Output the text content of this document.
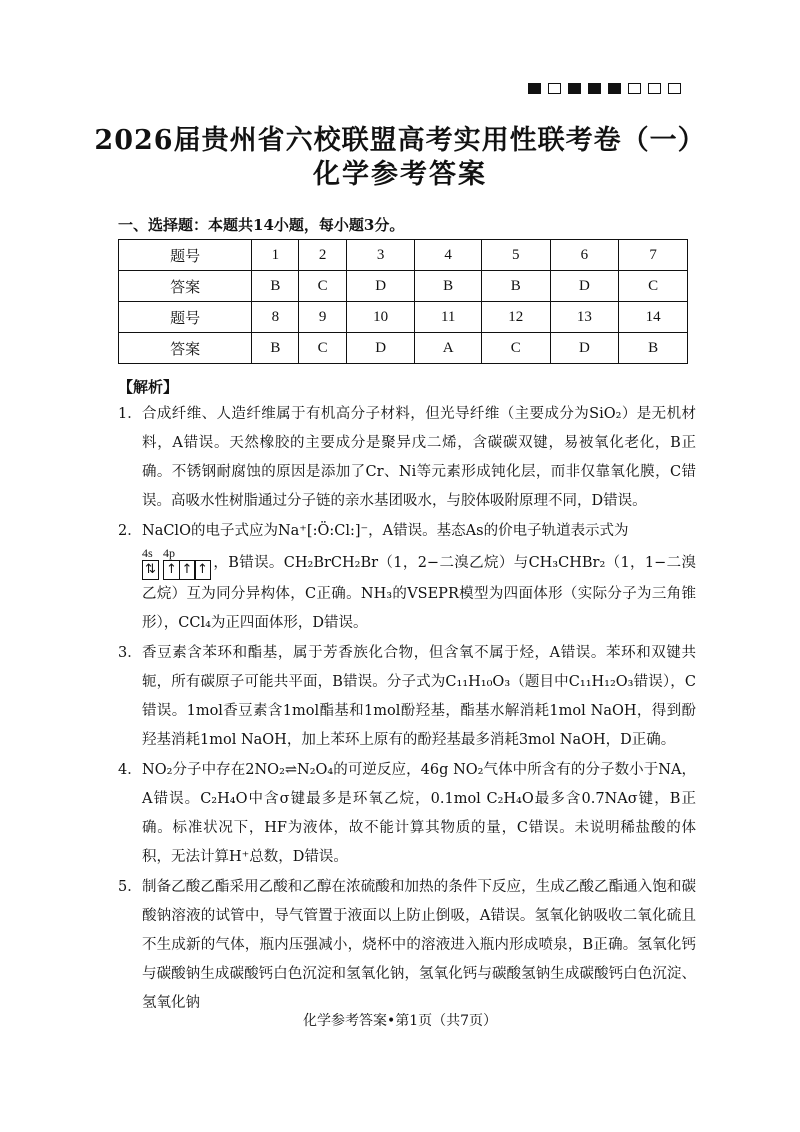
2026届贵州省六校联盟高考实用性联考卷（一）
化学参考答案
一、选择题：本题共14小题，每小题3分。
题号	1	2	3	4	5	6	7
答案	B	C	D	B	B	D	C
题号	8	9	10	11	12	13	14
答案	B	C	D	A	C	D	B
【解析】
1． 合成纤维、人造纤维属于有机高分子材料，但光导纤维（主要成分为SiO₂）是无机材料，A错误。天然橡胶的主要成分是聚异戊二烯，含碳碳双键，易被氧化老化，B正确。不锈钢耐腐蚀的原因是添加了Cr、Ni等元素形成钝化层，而非仅靠氧化膜，C错误。高吸水性树脂通过分子链的亲水基团吸水，与胶体吸附原理不同，D错误。
2． NaClO的电子式应为Na⁺[:Ö:Cl:]⁻，A错误。基态As的价电子轨道表示式为

4s
⇅
4p
↑ ↑ ↑ ，B错误。CH₂BrCH₂Br（1，2−二溴乙烷）与CH₃CHBr₂（1，1−二溴乙烷）互为同分异构体，C正确。NH₃的VSEPR模型为四面体形（实际分子为三角锥形），CCl₄为正四面体形，D错误。
3． 香豆素含苯环和酯基，属于芳香族化合物，但含氧不属于烃，A错误。苯环和双键共轭，所有碳原子可能共平面，B错误。分子式为C₁₁H₁₀O₃（题目中C₁₁H₁₂O₃错误），C错误。1mol香豆素含1mol酯基和1mol酚羟基，酯基水解消耗1mol NaOH，得到酚羟基消耗1mol NaOH，加上苯环上原有的酚羟基最多消耗3mol NaOH，D正确。
4． NO₂分子中存在2NO₂⇌N₂O₄的可逆反应，46g NO₂气体中所含有的分子数小于NA，A错误。C₂H₄O中含σ键最多是环氧乙烷，0.1mol C₂H₄O最多含0.7NAσ键，B正确。标准状况下，HF为液体，故不能计算其物质的量，C错误。未说明稀盐酸的体积，无法计算H⁺总数，D错误。
5． 制备乙酸乙酯采用乙酸和乙醇在浓硫酸和加热的条件下反应，生成乙酸乙酯通入饱和碳酸钠溶液的试管中，导气管置于液面以上防止倒吸，A错误。氢氧化钠吸收二氧化硫且不生成新的气体，瓶内压强减小，烧杯中的溶液进入瓶内形成喷泉，B正确。氢氧化钙与碳酸钠生成碳酸钙白色沉淀和氢氧化钠，氢氧化钙与碳酸氢钠生成碳酸钙白色沉淀、氢氧化钠
化学参考答案•第1页（共7页）
